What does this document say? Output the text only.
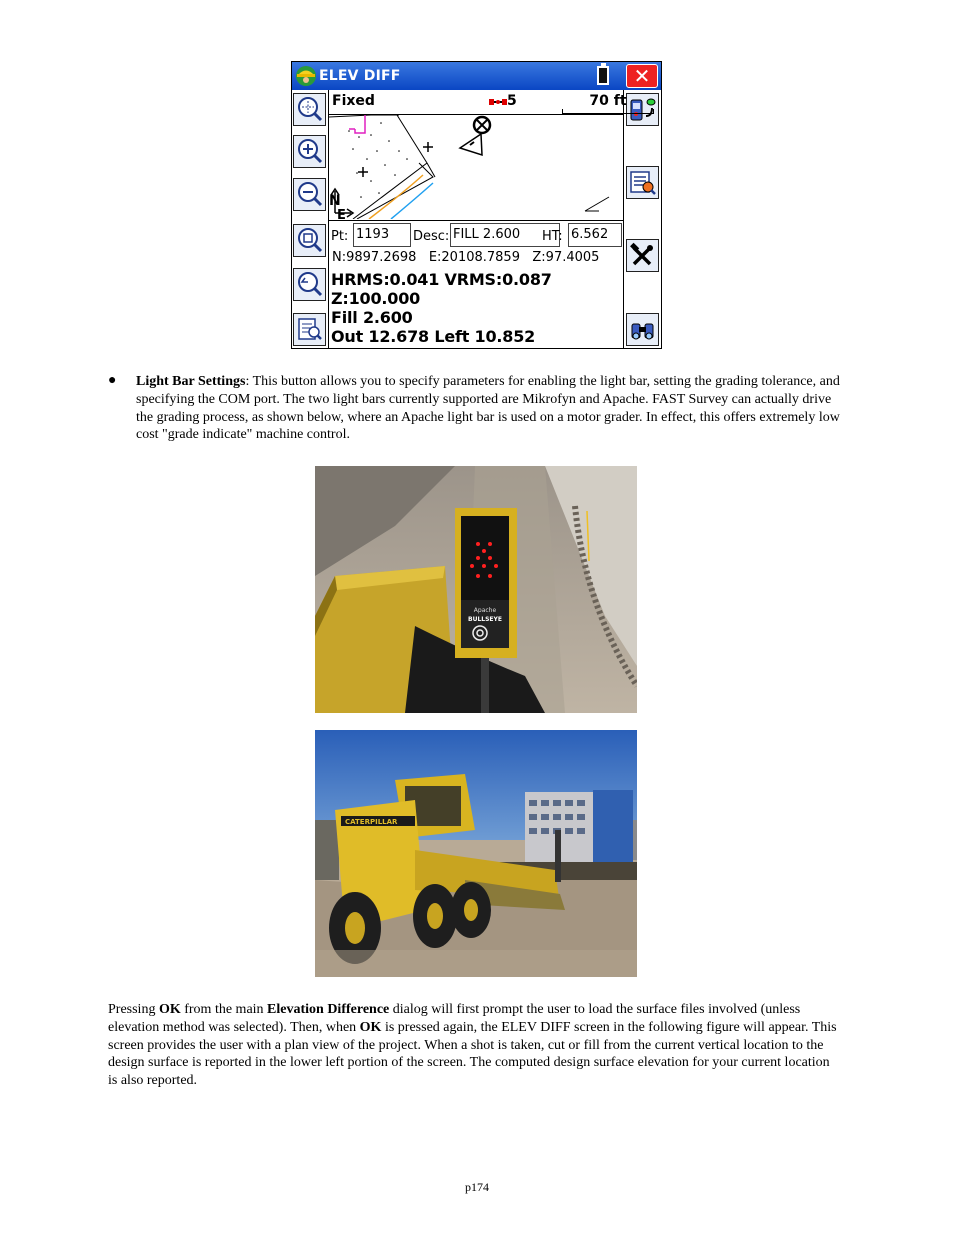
ELEV DIFF	✕
Fixed	5	70 ft
N
E
Pt: 1193	Desc: FILL 2.600	HT: 6.562
N:9897.2698 E:20108.7859 Z:97.4005
HRMS:0.041 VRMS:0.087
Z:100.000
Fill 2.600
Out 12.678 Left 10.852
● Light Bar Settings: This button allows you to specify parameters for enabling the light bar, setting the grading tolerance, and specifying the COM port. The two light bars currently supported are Mikrofyn and Apache. FAST Survey can actually drive the grading process, as shown below, where an Apache light bar is used on a motor grader. In effect, this offers extremely low cost "grade indicate" machine control.
Apache
BULLSEYE
CATERPILLAR
Pressing OK from the main Elevation Difference dialog will first prompt the user to load the surface files involved (unless elevation method was selected). Then, when OK is pressed again, the ELEV DIFF screen in the following figure will appear. This screen provides the user with a plan view of the project. When a shot is taken, cut or fill from the current vertical location to the design surface is reported in the lower left portion of the screen. The computed design surface elevation for your current location is also reported.
p174
